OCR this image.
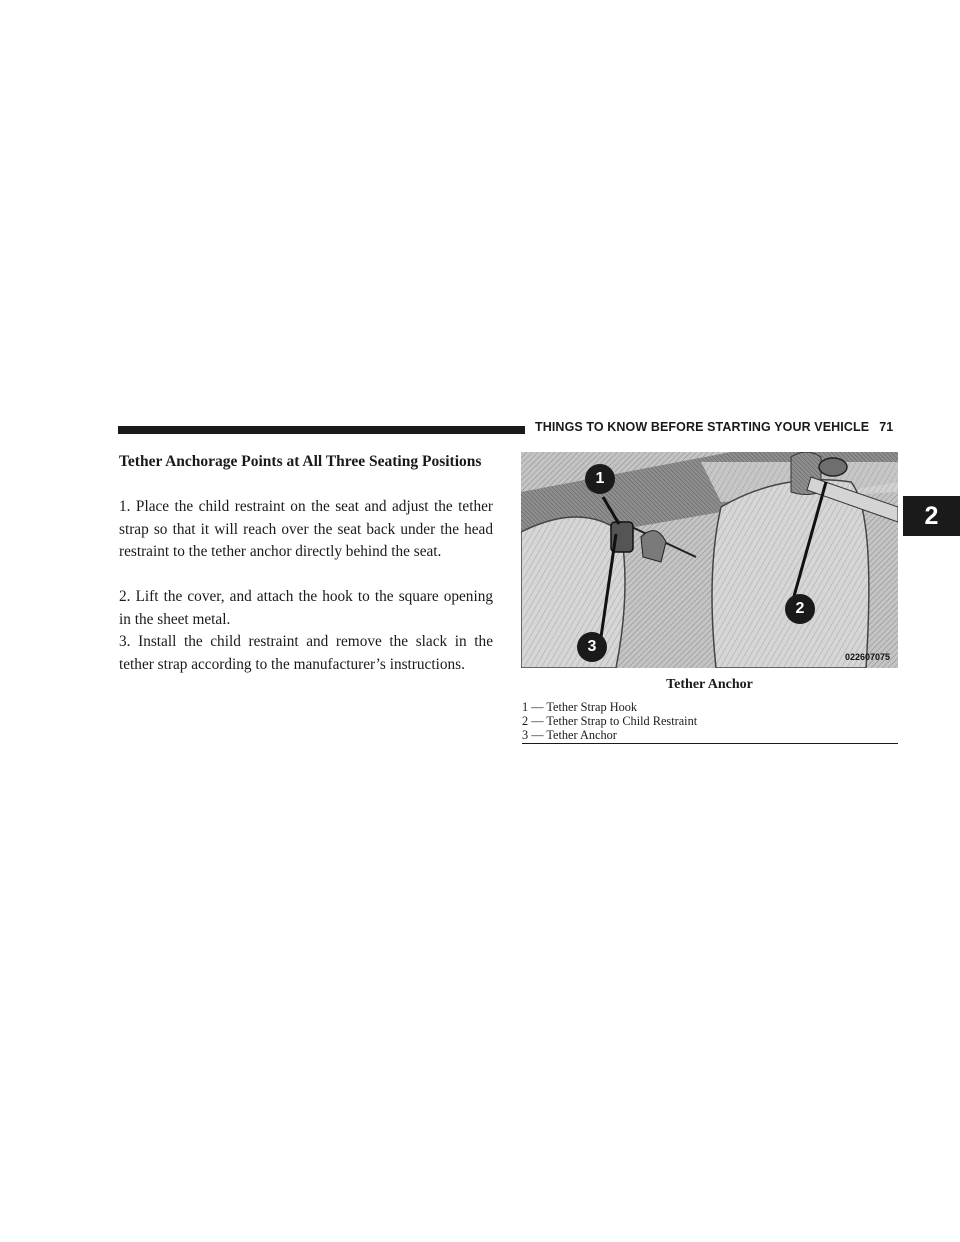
THINGS TO KNOW BEFORE STARTING YOUR VEHICLE 71
2
Tether Anchorage Points at All Three Seating Positions

1. Place the child restraint on the seat and adjust the tether strap so that it will reach over the seat back under the head restraint to the tether anchor directly behind the seat.

2. Lift the cover, and attach the hook to the square opening in the sheet metal.

3. Install the child restraint and remove the slack in the tether strap according to the manufacturer’s instructions.

1
2
3
022607075
Tether Anchor
1 — Tether Strap Hook
2 — Tether Strap to Child Restraint
3 — Tether Anchor
